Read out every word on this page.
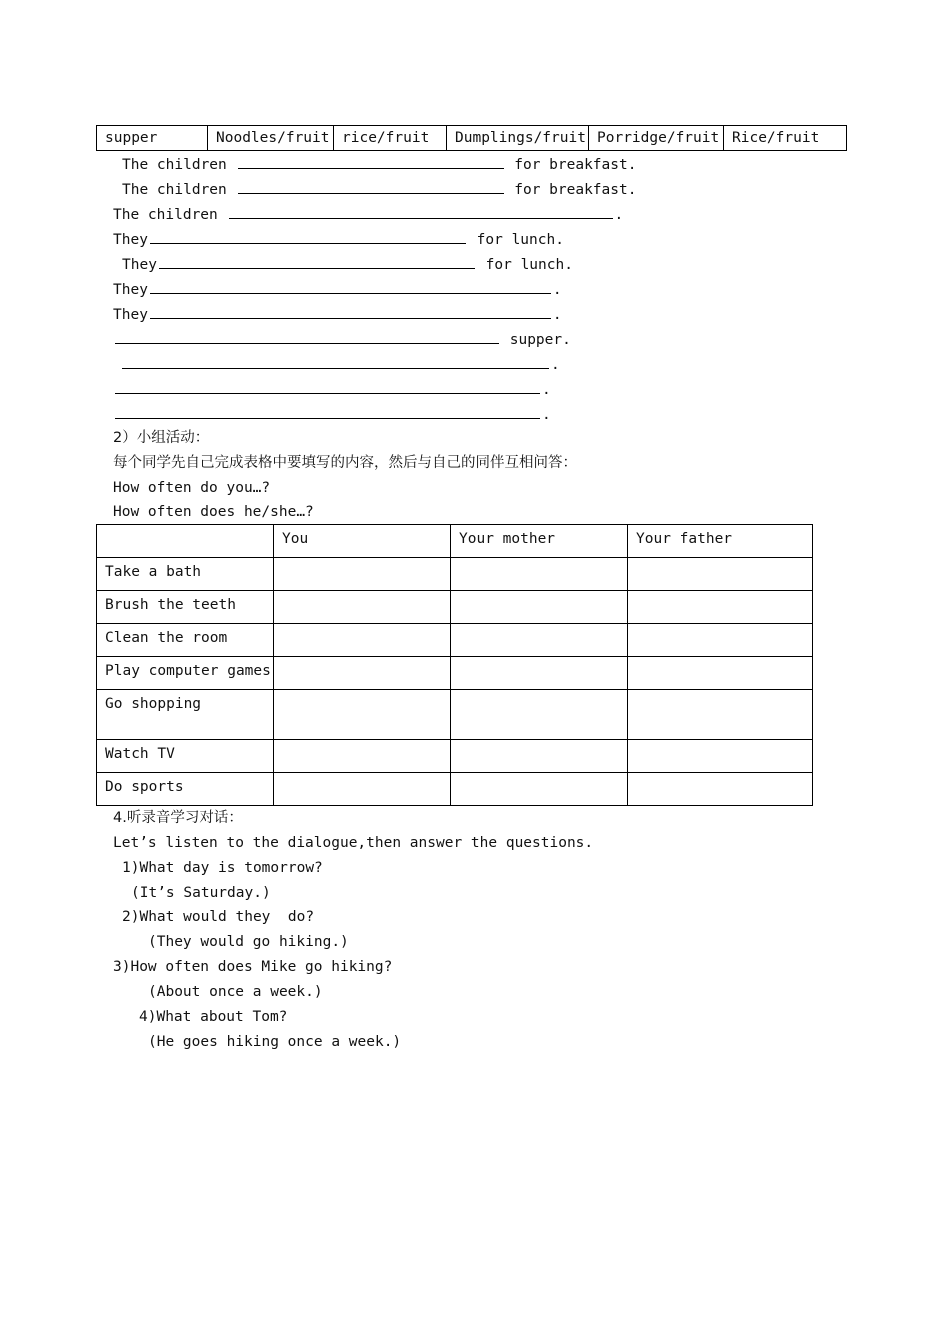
supper	Noodles/fruit	rice/fruit	Dumplings/fruit	Porridge/fruit	Rice/fruit
The children	for breakfast.
The children	for breakfast.
The children	.
They	for lunch.
They	for lunch.
They	.
They	.
supper.
.
.
.
2）小组活动：
每个同学先自己完成表格中要填写的内容，然后与自己的同伴互相问答：
How often do you…?
How often does he/she…?
	You	Your mother	Your father
Take a bath			
Brush the teeth			
Clean the room			
Play computer games			
Go shopping			
Watch TV			
Do sports			
4.听录音学习对话：
Let’s listen to the dialogue,then answer the questions.
1)What day is tomorrow?
(It’s Saturday.)
2)What would they  do?
(They would go hiking.)
3)How often does Mike go hiking?
(About once a week.)
4)What about Tom?
(He goes hiking once a week.)
